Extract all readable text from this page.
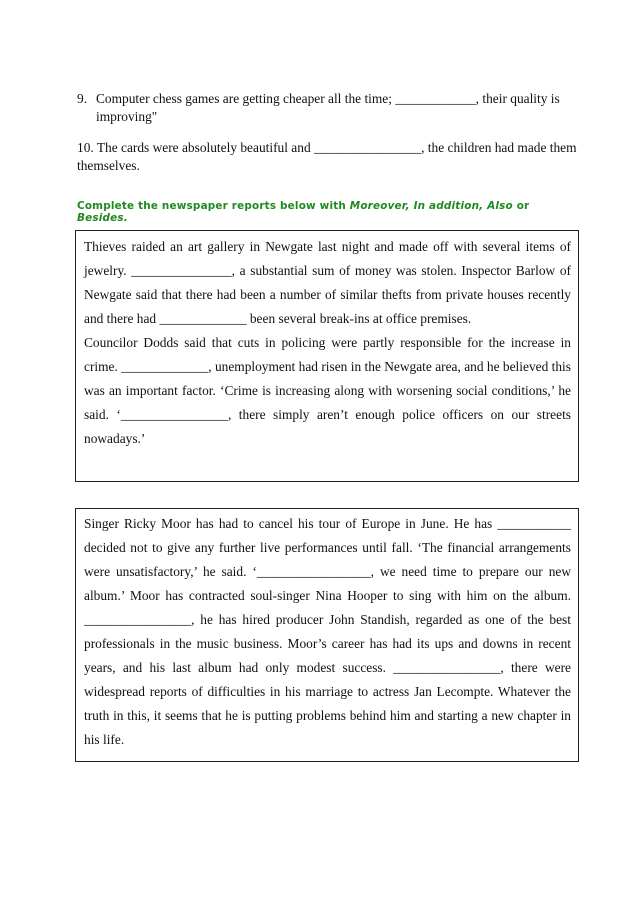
9. Computer chess games are getting cheaper all the time; ____________, their quality is improving"
10. The cards were absolutely beautiful and ________________, the children had made them themselves.
Complete the newspaper reports below with Moreover, In addition, Also or Besides.

Thieves raided an art gallery in Newgate last night and made off with several items of jewelry. _______________, a substantial sum of money was stolen. Inspector Barlow of Newgate said that there had been a number of similar thefts from private houses recently and there had _____________ been several break-ins at office premises.

Councilor Dodds said that cuts in policing were partly responsible for the increase in crime. _____________, unemployment had risen in the Newgate area, and he believed this was an important factor. ‘Crime is increasing along with worsening social conditions,’ he said. ‘________________, there simply aren’t enough police officers on our streets nowadays.’

Singer Ricky Moor has had to cancel his tour of Europe in June. He has ___________ decided not to give any further live performances until fall. ‘The financial arrangements were unsatisfactory,’ he said. ‘_________________, we need time to prepare our new album.’ Moor has contracted soul-singer Nina Hooper to sing with him on the album. ________________, he has hired producer John Standish, regarded as one of the best professionals in the music business. Moor’s career has had its ups and downs in recent years, and his last album had only modest success. ________________, there were widespread reports of difficulties in his marriage to actress Jan Lecompte. Whatever the truth in this, it seems that he is putting problems behind him and starting a new chapter in his life.
